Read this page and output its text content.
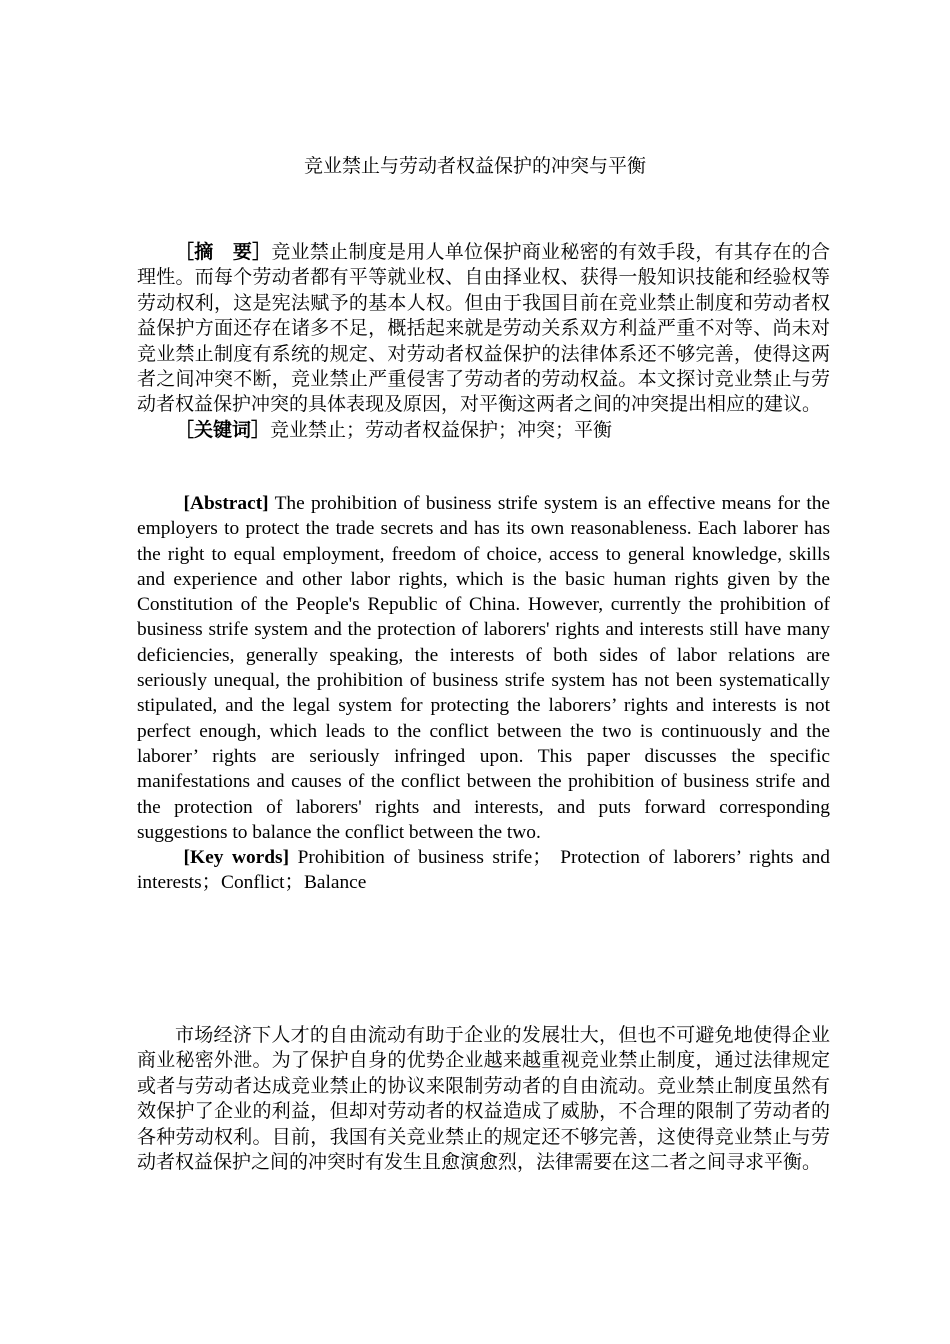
竞业禁止与劳动者权益保护的冲突与平衡

［摘　要］竞业禁止制度是用人单位保护商业秘密的有效手段，有其存在的合理性。而每个劳动者都有平等就业权、自由择业权、获得一般知识技能和经验权等劳动权利，这是宪法赋予的基本人权。但由于我国目前在竞业禁止制度和劳动者权益保护方面还存在诸多不足，概括起来就是劳动关系双方利益严重不对等、尚未对竞业禁止制度有系统的规定、对劳动者权益保护的法律体系还不够完善，使得这两者之间冲突不断，竞业禁止严重侵害了劳动者的劳动权益。本文探讨竞业禁止与劳动者权益保护冲突的具体表现及原因，对平衡这两者之间的冲突提出相应的建议。

［关键词］竞业禁止；劳动者权益保护；冲突；平衡

[Abstract] The prohibition of business strife system is an effective means for the employers to protect the trade secrets and has its own reasonableness. Each laborer has the right to equal employment, freedom of choice, access to general knowledge, skills and experience and other labor rights, which is the basic human rights given by the Constitution of the People's Republic of China. However, currently the prohibition of business strife system and the protection of laborers' rights and interests still have many deficiencies, generally speaking, the interests of both sides of labor relations are seriously unequal, the prohibition of business strife system has not been systematically stipulated, and the legal system for protecting the laborers’ rights and interests is not perfect enough, which leads to the conflict between the two is continuously and the laborer’ rights are seriously infringed upon. This paper discusses the specific manifestations and causes of the conflict between the prohibition of business strife and the protection of laborers' rights and interests, and puts forward corresponding suggestions to balance the conflict between the two.

[Key words] Prohibition of business strife； Protection of laborers’ rights and interests；Conflict；Balance

市场经济下人才的自由流动有助于企业的发展壮大，但也不可避免地使得企业商业秘密外泄。为了保护自身的优势企业越来越重视竞业禁止制度，通过法律规定或者与劳动者达成竞业禁止的协议来限制劳动者的自由流动。竞业禁止制度虽然有效保护了企业的利益，但却对劳动者的权益造成了威胁，不合理的限制了劳动者的各种劳动权利。目前，我国有关竞业禁止的规定还不够完善，这使得竞业禁止与劳动者权益保护之间的冲突时有发生且愈演愈烈，法律需要在这二者之间寻求平衡。
